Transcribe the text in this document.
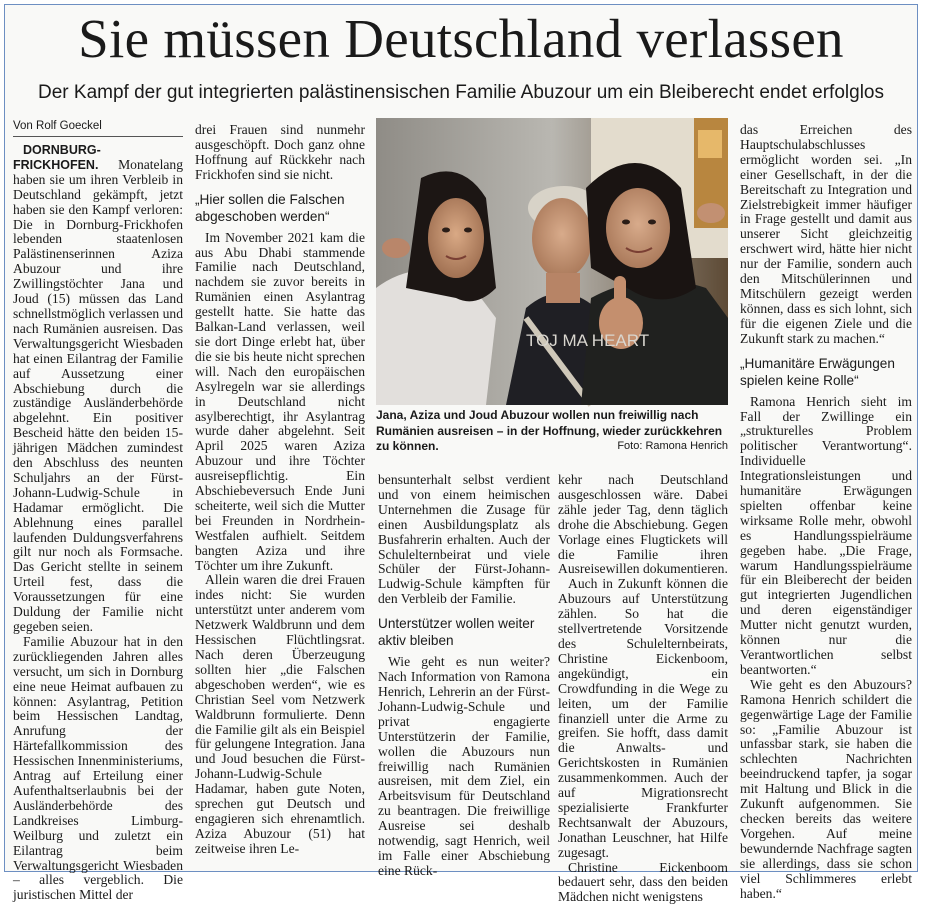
Sie müssen Deutschland verlassen
Der Kampf der gut integrierten palästinensischen Familie Abuzour um ein Bleiberecht endet erfolglos
Von Rolf Goeckel

DORNBURG-FRICKHOFEN. Monatelang haben sie um ihren Verbleib in Deutschland gekämpft, jetzt haben sie den Kampf verloren: Die in Dornburg-Frickhofen lebenden staatenlosen Palästinenserinnen Aziza Abuzour und ihre Zwillingstöchter Jana und Joud (15) müssen das Land schnellstmöglich verlassen und nach Rumänien ausreisen. Das Verwaltungsgericht Wiesbaden hat einen Eilantrag der Familie auf Aussetzung einer Abschiebung durch die zuständige Ausländerbehörde abgelehnt. Ein positiver Bescheid hätte den beiden 15-jährigen Mädchen zumindest den Abschluss des neunten Schuljahrs an der Fürst-Johann-Ludwig-Schule in Hadamar ermöglicht. Die Ablehnung eines parallel laufenden Duldungsverfahrens gilt nur noch als Formsache. Das Gericht stellte in seinem Urteil fest, dass die Voraussetzungen für eine Duldung der Familie nicht gegeben seien.

Familie Abuzour hat in den zurückliegenden Jahren alles versucht, um sich in Dornburg eine neue Heimat aufbauen zu können: Asylantrag, Petition beim Hessischen Landtag, Anrufung der Härtefallkommission des Hessischen Innenministeriums, Antrag auf Erteilung einer Aufenthaltserlaubnis bei der Ausländerbehörde des Landkreises Limburg-Weilburg und zuletzt ein Eilantrag beim Verwaltungsgericht Wiesbaden – alles vergeblich. Die juristischen Mittel der

drei Frauen sind nunmehr ausgeschöpft. Doch ganz ohne Hoffnung auf Rückkehr nach Frickhofen sind sie nicht.

„Hier sollen die Falschen abgeschoben werden“

Im November 2021 kam die aus Abu Dhabi stammende Familie nach Deutschland, nachdem sie zuvor bereits in Rumänien einen Asylantrag gestellt hatte. Sie hatte das Balkan-Land verlassen, weil sie dort Dinge erlebt hat, über die sie bis heute nicht sprechen will. Nach den europäischen Asylregeln war sie allerdings in Deutschland nicht asylberechtigt, ihr Asylantrag wurde daher abgelehnt. Seit April 2025 waren Aziza Abuzour und ihre Töchter ausreisepflichtig. Ein Abschiebeversuch Ende Juni scheiterte, weil sich die Mutter bei Freunden in Nordrhein-Westfalen aufhielt. Seitdem bangten Aziza und ihre Töchter um ihre Zukunft.

Allein waren die drei Frauen indes nicht: Sie wurden unterstützt unter anderem vom Netzwerk Waldbrunn und dem Hessischen Flüchtlingsrat. Nach deren Überzeugung sollten hier „die Falschen abgeschoben werden“, wie es Christian Seel vom Netzwerk Waldbrunn formulierte. Denn die Familie gilt als ein Beispiel für gelungene Integration. Jana und Joud besuchen die Fürst-Johann-Ludwig-Schule Hadamar, haben gute Noten, sprechen gut Deutsch und engagieren sich ehrenamtlich. Aziza Abuzour (51) hat zeitweise ihren Le-

TOJ MA HEART
Jana, Aziza und Joud Abuzour wollen nun freiwillig nach Rumänien ausreisen – in der Hoffnung, wieder zurückkehren zu können.	Foto: Ramona Henrich

bensunterhalt selbst verdient und von einem heimischen Unternehmen die Zusage für einen Ausbildungsplatz als Busfahrerin erhalten. Auch der Schulelternbeirat und viele Schüler der Fürst-Johann-Ludwig-Schule kämpften für den Verbleib der Familie.

Unterstützer wollen weiter aktiv bleiben

Wie geht es nun weiter? Nach Information von Ramona Henrich, Lehrerin an der Fürst-Johann-Ludwig-Schule und privat engagierte Unterstützerin der Familie, wollen die Abuzours nun freiwillig nach Rumänien ausreisen, mit dem Ziel, ein Arbeitsvisum für Deutschland zu beantragen. Die freiwillige Ausreise sei deshalb notwendig, sagt Henrich, weil im Falle einer Abschiebung eine Rück-

kehr nach Deutschland ausgeschlossen wäre. Dabei zähle jeder Tag, denn täglich drohe die Abschiebung. Gegen Vorlage eines Flugtickets will die Familie ihren Ausreisewillen dokumentieren.

Auch in Zukunft können die Abuzours auf Unterstützung zählen. So hat die stellvertretende Vorsitzende des Schulelternbeirats, Christine Eickenboom, angekündigt, ein Crowdfunding in die Wege zu leiten, um der Familie finanziell unter die Arme zu greifen. Sie hofft, dass damit die Anwalts- und Gerichtskosten in Rumänien zusammenkommen. Auch der auf Migrationsrecht spezialisierte Frankfurter Rechtsanwalt der Abuzours, Jonathan Leuschner, hat Hilfe zugesagt.

Christine Eickenboom bedauert sehr, dass den beiden Mädchen nicht wenigstens

das Erreichen des Hauptschulabschlusses ermöglicht worden sei. „In einer Gesellschaft, in der die Bereitschaft zu Integration und Zielstrebigkeit immer häufiger in Frage gestellt und damit aus unserer Sicht gleichzeitig erschwert wird, hätte hier nicht nur der Familie, sondern auch den Mitschülerinnen und Mitschülern gezeigt werden können, dass es sich lohnt, sich für die eigenen Ziele und die Zukunft stark zu machen.“

„Humanitäre Erwägungen spielen keine Rolle“

Ramona Henrich sieht im Fall der Zwillinge ein „strukturelles Problem politischer Verantwortung“. Individuelle Integrationsleistungen und humanitäre Erwägungen spielten offenbar keine wirksame Rolle mehr, obwohl es Handlungsspielräume gegeben habe. „Die Frage, warum Handlungsspielräume für ein Bleiberecht der beiden gut integrierten Jugendlichen und deren eigenständiger Mutter nicht genutzt wurden, können nur die Verantwortlichen selbst beantworten.“

Wie geht es den Abuzours? Ramona Henrich schildert die gegenwärtige Lage der Familie so: „Familie Abuzour ist unfassbar stark, sie haben die schlechten Nachrichten beeindruckend tapfer, ja sogar mit Haltung und Blick in die Zukunft aufgenommen. Sie checken bereits das weitere Vorgehen. Auf meine bewundernde Nachfrage sagten sie allerdings, dass sie schon viel Schlimmeres erlebt haben.“
